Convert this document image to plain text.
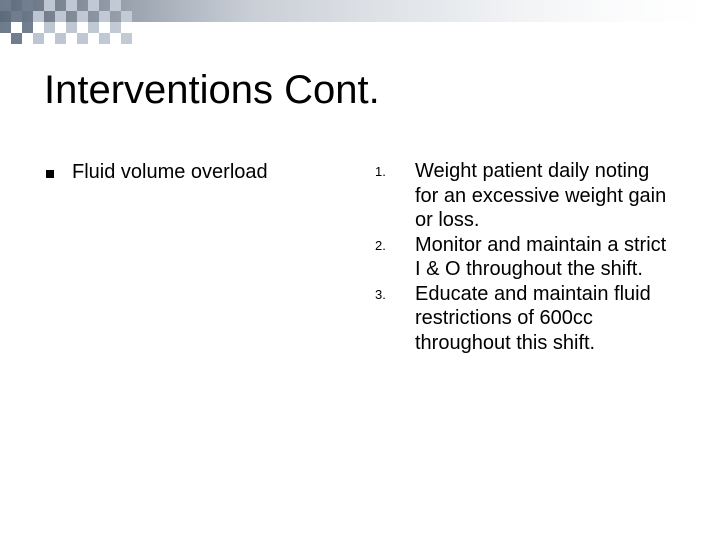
Interventions Cont.
Fluid volume overload	1. Weight patient daily noting for an excessive weight gain or loss.
2. Monitor and maintain a strict I & O throughout the shift.
3. Educate and maintain fluid restrictions of 600cc throughout this shift.
